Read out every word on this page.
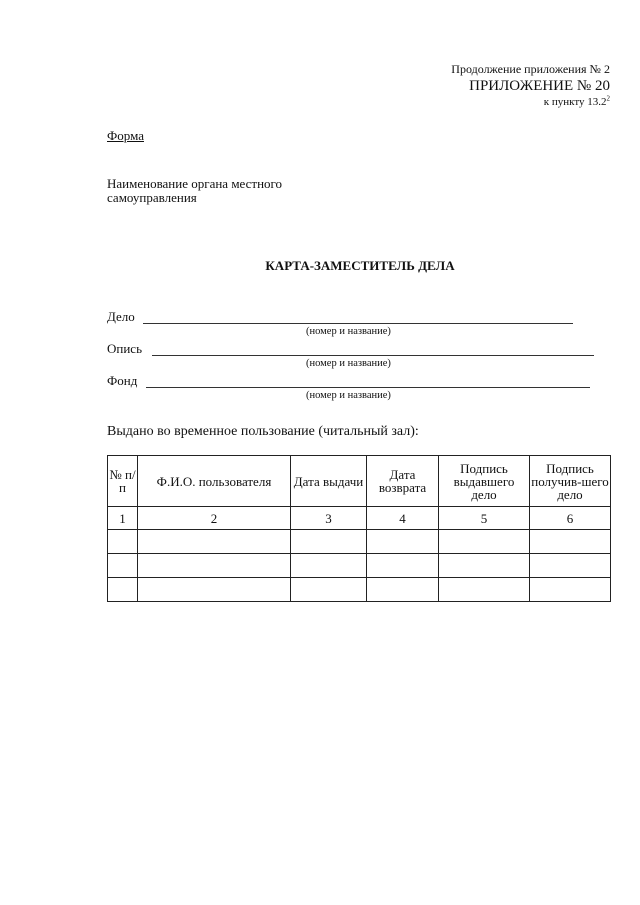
Продолжение приложения № 2
ПРИЛОЖЕНИЕ № 20
к пункту 13.2$^2$
Форма
Наименование органа местного самоуправления
КАРТА-ЗАМЕСТИТЕЛЬ ДЕЛА
Дело
(номер и название)
Опись
(номер и название)
Фонд
(номер и название)
Выдано во временное пользование (читальный зал):
№ п/п	Ф.И.О. пользователя	Дата выдачи	Дата возврата	Подпись выдавшего дело	Подпись получив-шего дело
1	2	3	4	5	6
